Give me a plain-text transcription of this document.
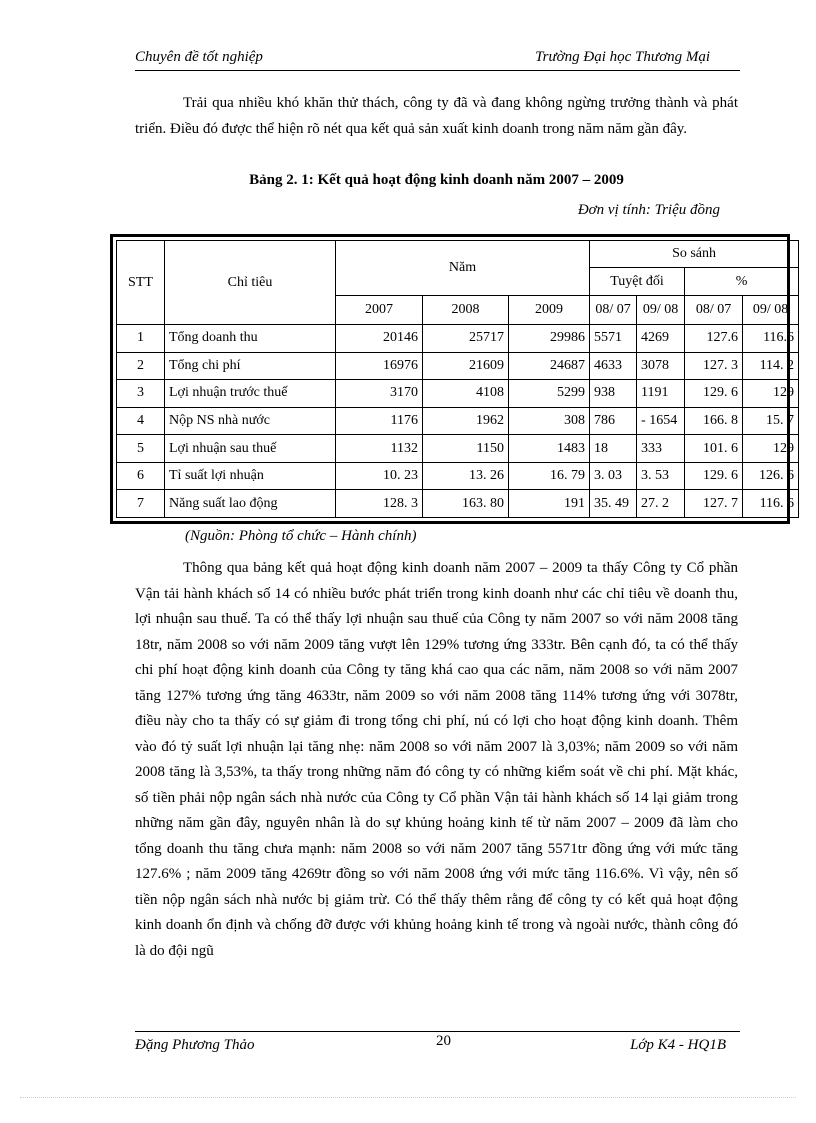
Chuyên đề tốt nghiệp	Trường Đại học Thương Mại

Trải qua nhiều khó khăn thử thách, công ty đã và đang không ngừng trưởng thành và phát triển. Điều đó được thể hiện rõ nét qua kết quả sản xuất kinh doanh trong năm năm gần đây.

Bảng 2. 1: Kết quả hoạt động kinh doanh năm 2007 – 2009
Đơn vị tính: Triệu đồng
STT	Chỉ tiêu	Năm			So sánh			
					Tuyệt đối		%	
		2007	2008	2009	08/ 07	09/ 08	08/ 07	09/ 08
1	Tổng doanh thu	20146	25717	29986	5571	4269	127.6	116.6
2	Tổng chi phí	16976	21609	24687	4633	3078	127. 3	114. 2
3	Lợi nhuận trước thuế	3170	4108	5299	938	1191	129. 6	129
4	Nộp NS nhà nước	1176	1962	308	786	- 1654	166. 8	15. 7
5	Lợi nhuận sau thuế	1132	1150	1483	18	333	101. 6	129
6	Tỉ suất lợi nhuận	10. 23	13. 26	16. 79	3. 03	3. 53	129. 6	126. 6
7	Năng suất lao động	128. 3	163. 80	191	35. 49	27. 2	127. 7	116. 6
(Nguồn: Phòng tổ chức – Hành chính)

Thông qua bảng kết quả hoạt động kinh doanh năm 2007 – 2009 ta thấy Công ty Cổ phần Vận tải hành khách số 14 có nhiều bước phát triển trong kinh doanh như các chỉ tiêu về doanh thu, lợi nhuận sau thuế. Ta có thể thấy lợi nhuận sau thuế của Công ty năm 2007 so với năm 2008 tăng 18tr, năm 2008 so với năm 2009 tăng vượt lên 129% tương ứng 333tr. Bên cạnh đó, ta có thể thấy chi phí hoạt động kinh doanh của Công ty tăng khá cao qua các năm, năm 2008 so với năm 2007 tăng 127% tương ứng tăng 4633tr, năm 2009 so với năm 2008 tăng 114% tương ứng với 3078tr, điều này cho ta thấy có sự giảm đi trong tổng chi phí, nú có lợi cho hoạt động kinh doanh. Thêm vào đó tỷ suất lợi nhuận lại tăng nhẹ: năm 2008 so với năm 2007 là 3,03%; năm 2009 so với năm 2008 tăng là 3,53%, ta thấy trong những năm đó công ty có những kiểm soát về chi phí. Mặt khác, số tiền phải nộp ngân sách nhà nước của Công ty Cổ phần Vận tải hành khách số 14 lại giảm trong những năm gần đây, nguyên nhân là do sự khủng hoảng kinh tế từ năm 2007 – 2009 đã làm cho tổng doanh thu tăng chưa mạnh: năm 2008 so với năm 2007 tăng 5571tr đồng ứng với mức tăng 127.6% ; năm 2009 tăng 4269tr đồng so với năm 2008 ứng với mức tăng 116.6%. Vì vậy, nên số tiền nộp ngân sách nhà nước bị giảm trừ. Có thể thấy thêm rằng để công ty có kết quả hoạt động kinh doanh ổn định và chống đỡ được với khủng hoảng kinh tế trong và ngoài nước, thành công đó là do đội ngũ

Đặng Phương Thảo	20	Lớp K4 - HQ1B
